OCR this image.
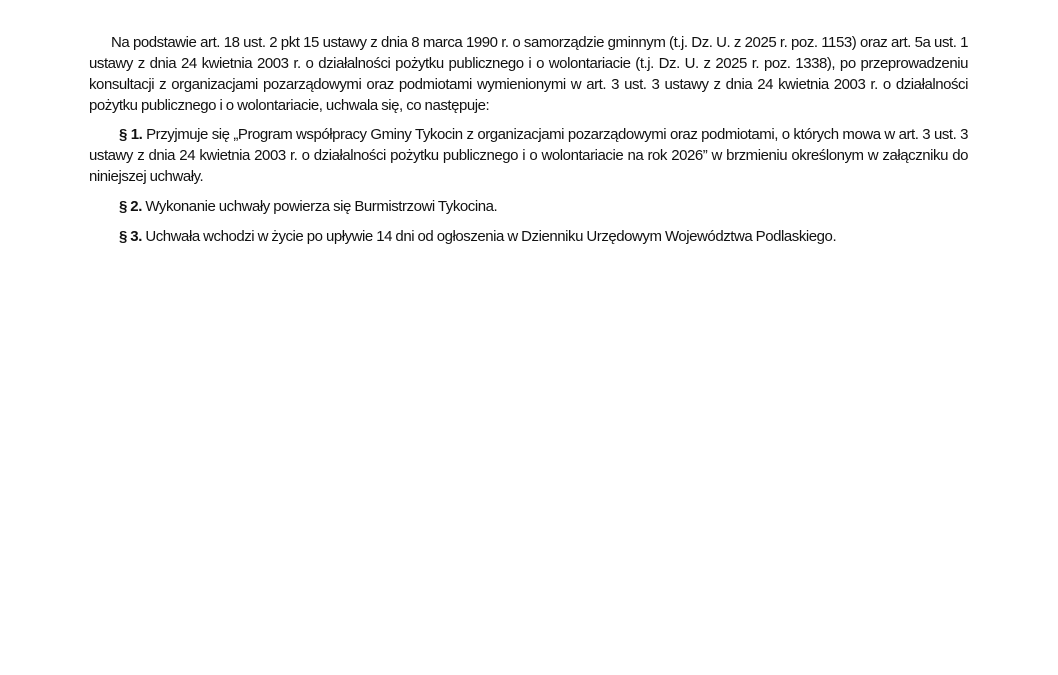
Na podstawie art. 18 ust. 2 pkt 15 ustawy z dnia 8 marca 1990 r. o samorządzie gminnym (t.j. Dz. U. z 2025 r. poz. 1153) oraz art. 5a ust. 1 ustawy z dnia 24 kwietnia 2003 r. o działalności pożytku publicznego i o wolontariacie (t.j. Dz. U. z 2025 r. poz. 1338), po przeprowadzeniu konsultacji z organizacjami pozarządowymi oraz podmiotami wymienionymi w art. 3 ust. 3 ustawy z dnia 24 kwietnia 2003 r. o działalności pożytku publicznego i o wolontariacie, uchwala się, co następuje:

§ 1. Przyjmuje się „Program współpracy Gminy Tykocin z organizacjami pozarządowymi oraz podmiotami, o których mowa w art. 3 ust. 3 ustawy z dnia 24 kwietnia 2003 r. o działalności pożytku publicznego i o wolontariacie na rok 2026” w brzmieniu określonym w załączniku do niniejszej uchwały.

§ 2. Wykonanie uchwały powierza się Burmistrzowi Tykocina.

§ 3. Uchwała wchodzi w życie po upływie 14 dni od ogłoszenia w Dzienniku Urzędowym Województwa Podlaskiego.
